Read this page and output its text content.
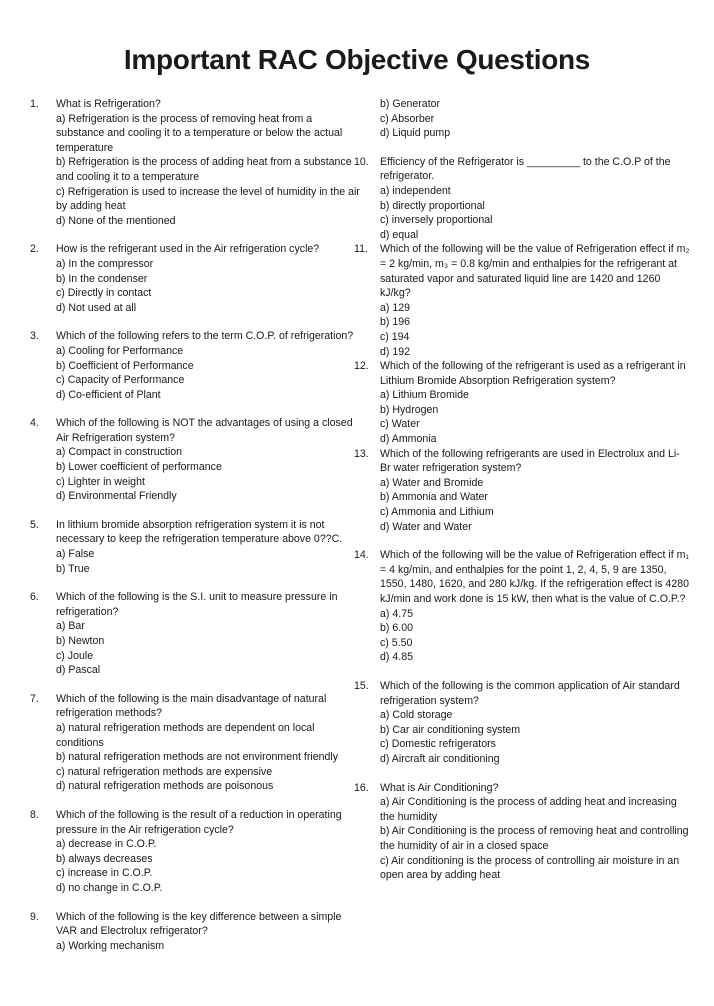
Important RAC Objective Questions
1. What is Refrigeration?
a) Refrigeration is the process of removing heat from a substance and cooling it to a temperature or below the actual temperature
b) Refrigeration is the process of adding heat from a substance and cooling it to a temperature
c) Refrigeration is used to increase the level of humidity in the air by adding heat
d) None of the mentioned
2. How is the refrigerant used in the Air refrigeration cycle?
a) In the compressor
b) In the condenser
c) Directly in contact
d) Not used at all
3. Which of the following refers to the term C.O.P. of refrigeration?
a) Cooling for Performance
b) Coefficient of Performance
c) Capacity of Performance
d) Co-efficient of Plant
4. Which of the following is NOT the advantages of using a closed Air Refrigeration system?
a) Compact in construction
b) Lower coefficient of performance
c) Lighter in weight
d) Environmental Friendly
5. In lithium bromide absorption refrigeration system it is not necessary to keep the refrigeration temperature above 0??C.
a) False
b) True
6. Which of the following is the S.I. unit to measure pressure in refrigeration?
a) Bar
b) Newton
c) Joule
d) Pascal
7. Which of the following is the main disadvantage of natural refrigeration methods?
a) natural refrigeration methods are dependent on local conditions
b) natural refrigeration methods are not environment friendly
c) natural refrigeration methods are expensive
d) natural refrigeration methods are poisonous
8. Which of the following is the result of a reduction in operating pressure in the Air refrigeration cycle?
a) decrease in C.O.P.
b) always decreases
c) increase in C.O.P.
d) no change in C.O.P.
9. Which of the following is the key difference between a simple VAR and Electrolux refrigerator?
a) Working mechanism
b) Generator
c) Absorber
d) Liquid pump
10. Efficiency of the Refrigerator is _________ to the C.O.P of the refrigerator.
a) independent
b) directly proportional
c) inversely proportional
d) equal
11. Which of the following will be the value of Refrigeration effect if m₂ = 2 kg/min, m₃ = 0.8 kg/min and enthalpies for the refrigerant at saturated vapor and saturated liquid line are 1420 and 1260 kJ/kg?
a) 129
b) 196
c) 194
d) 192
12. Which of the following of the refrigerant is used as a refrigerant in Lithium Bromide Absorption Refrigeration system?
a) Lithium Bromide
b) Hydrogen
c) Water
d) Ammonia
13. Which of the following refrigerants are used in Electrolux and Li-Br water refrigeration system?
a) Water and Bromide
b) Ammonia and Water
c) Ammonia and Lithium
d) Water and Water
14. Which of the following will be the value of Refrigeration effect if m₁ = 4 kg/min, and enthalpies for the point 1, 2, 4, 5, 9 are 1350, 1550, 1480, 1620, and 280 kJ/kg. If the refrigeration effect is 4280 kJ/min and work done is 15 kW, then what is the value of C.O.P.?
a) 4.75
b) 6.00
c) 5.50
d) 4.85
15. Which of the following is the common application of Air standard refrigeration system?
a) Cold storage
b) Car air conditioning system
c) Domestic refrigerators
d) Aircraft air conditioning
16. What is Air Conditioning?
a) Air Conditioning is the process of adding heat and increasing the humidity
b) Air Conditioning is the process of removing heat and controlling the humidity of air in a closed space
c) Air conditioning is the process of controlling air moisture in an open area by adding heat
